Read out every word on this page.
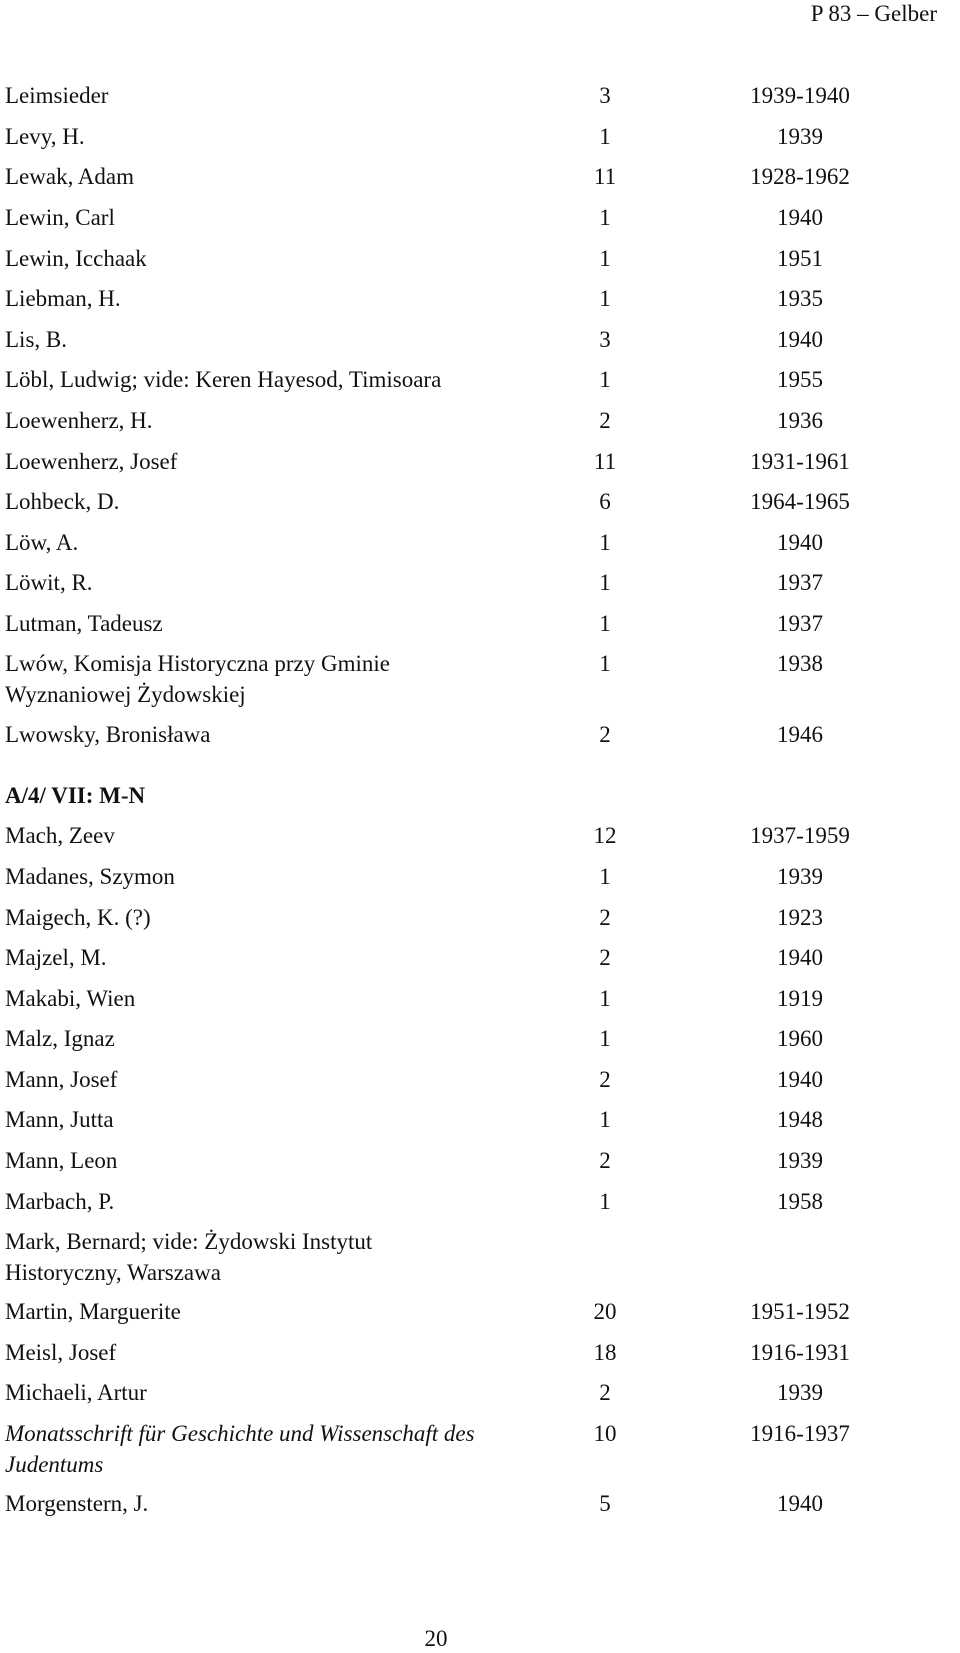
P 83 – Gelber
Leimsieder	3	1939-1940
Levy, H.	1	1939
Lewak, Adam	11	1928-1962
Lewin, Carl	1	1940
Lewin, Icchaak	1	1951
Liebman, H.	1	1935
Lis, B.	3	1940
Löbl, Ludwig; vide: Keren Hayesod, Timisoara	1	1955
Loewenherz, H.	2	1936
Loewenherz, Josef	11	1931-1961
Lohbeck, D.	6	1964-1965
Löw, A.	1	1940
Löwit, R.	1	1937
Lutman, Tadeusz	1	1937
Lwów, Komisja Historyczna przy Gminie
Wyznaniowej Żydowskiej
1	1938
Lwowsky, Bronisława	2	1946
A/4/ VII: M-N
Mach, Zeev	12	1937-1959
Madanes, Szymon	1	1939
Maigech, K. (?)	2	1923
Majzel, M.	2	1940
Makabi, Wien	1	1919
Malz, Ignaz	1	1960
Mann, Josef	2	1940
Mann, Jutta	1	1948
Mann, Leon	2	1939
Marbach, P.	1	1958
Mark, Bernard; vide: Żydowski Instytut
Historyczny, Warszawa
Martin, Marguerite	20	1951-1952
Meisl, Josef	18	1916-1931
Michaeli, Artur	2	1939
Monatsschrift für Geschichte und Wissenschaft des
Judentums
10	1916-1937
Morgenstern, J.	5	1940
20
